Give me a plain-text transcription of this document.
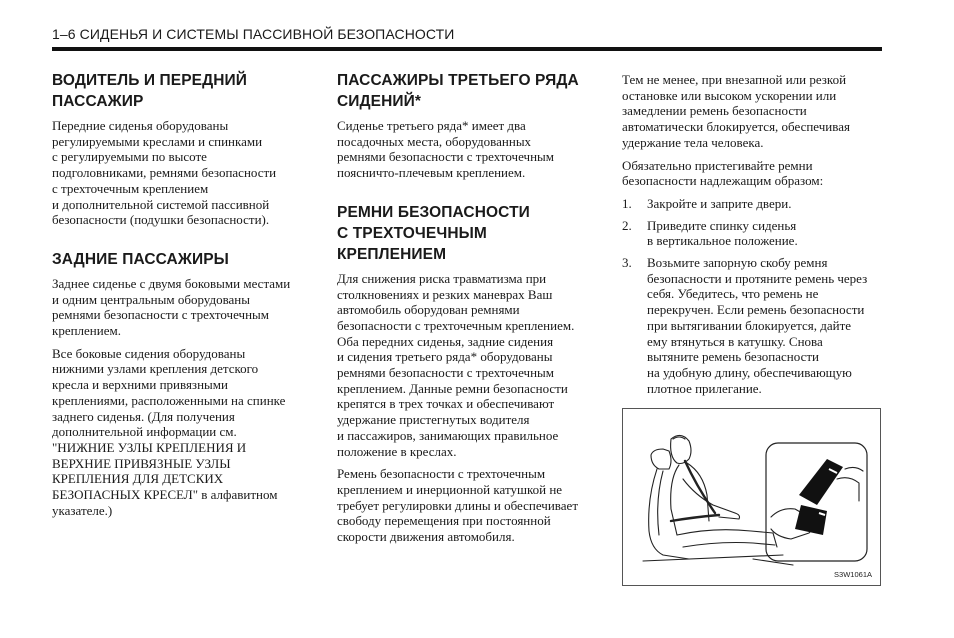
1–6 СИДЕНЬЯ И СИСТЕМЫ ПАССИВНОЙ БЕЗОПАСНОСТИ
ВОДИТЕЛЬ И ПЕРЕДНИЙ
ПАССАЖИР

Передние сиденья оборудованы
регулируемыми креслами и спинками
с регулируемыми по высоте
подголовниками, ремнями безопасности
с трехточечным креплением
и дополнительной системой пассивной
безопасности (подушки безопасности).

ЗАДНИЕ ПАССАЖИРЫ

Заднее сиденье с двумя боковыми местами
и одним центральным оборудованы
ремнями безопасности с трехточечным
креплением.

Все боковые сидения оборудованы
нижними узлами крепления детского
кресла и верхними привязными
креплениями, расположенными на спинке
заднего сиденья. (Для получения
дополнительной информации см.
"НИЖНИЕ УЗЛЫ КРЕПЛЕНИЯ И
ВЕРХНИЕ ПРИВЯЗНЫЕ УЗЛЫ
КРЕПЛЕНИЯ ДЛЯ ДЕТСКИХ
БЕЗОПАСНЫХ КРЕСЕЛ" в алфавитном
указателе.)

ПАССАЖИРЫ ТРЕТЬЕГО РЯДА
СИДЕНИЙ*

Сиденье третьего ряда* имеет два
посадочных места, оборудованных
ремнями безопасности с трехточечным
поясничто-плечевым креплением.

РЕМНИ БЕЗОПАСНОСТИ
С ТРЕХТОЧЕЧНЫМ
КРЕПЛЕНИЕМ

Для снижения риска травматизма при
столкновениях и резких маневрах Ваш
автомобиль оборудован ремнями
безопасности с трехточечным креплением.
Оба передних сиденья, задние сидения
и сидения третьего ряда* оборудованы
ремнями безопасности с трехточечным
креплением. Данные ремни безопасности
крепятся в трех точках и обеспечивают
удержание пристегнутых водителя
и пассажиров, занимающих правильное
положение в креслах.

Ремень безопасности с трехточечным
креплением и инерционной катушкой не
требует регулировки длины и обеспечивает
свободу перемещения при постоянной
скорости движения автомобиля.

Тем не менее, при внезапной или резкой
остановке или высоком ускорении или
замедлении ремень безопасности
автоматически блокируется, обеспечивая
удержание тела человека.

Обязательно пристегивайте ремни
безопасности надлежащим образом:

1. Закройте и заприте двери.
2. Приведите спинку сиденья
в вертикальное положение.
3. Возьмите запорную скобу ремня
безопасности и протяните ремень через
себя. Убедитесь, что ремень не
перекручен. Если ремень безопасности
при вытягивании блокируется, дайте
ему втянуться в катушку. Снова
вытяните ремень безопасности
на удобную длину, обеспечивающую
плотное прилегание.
S3W1061A
